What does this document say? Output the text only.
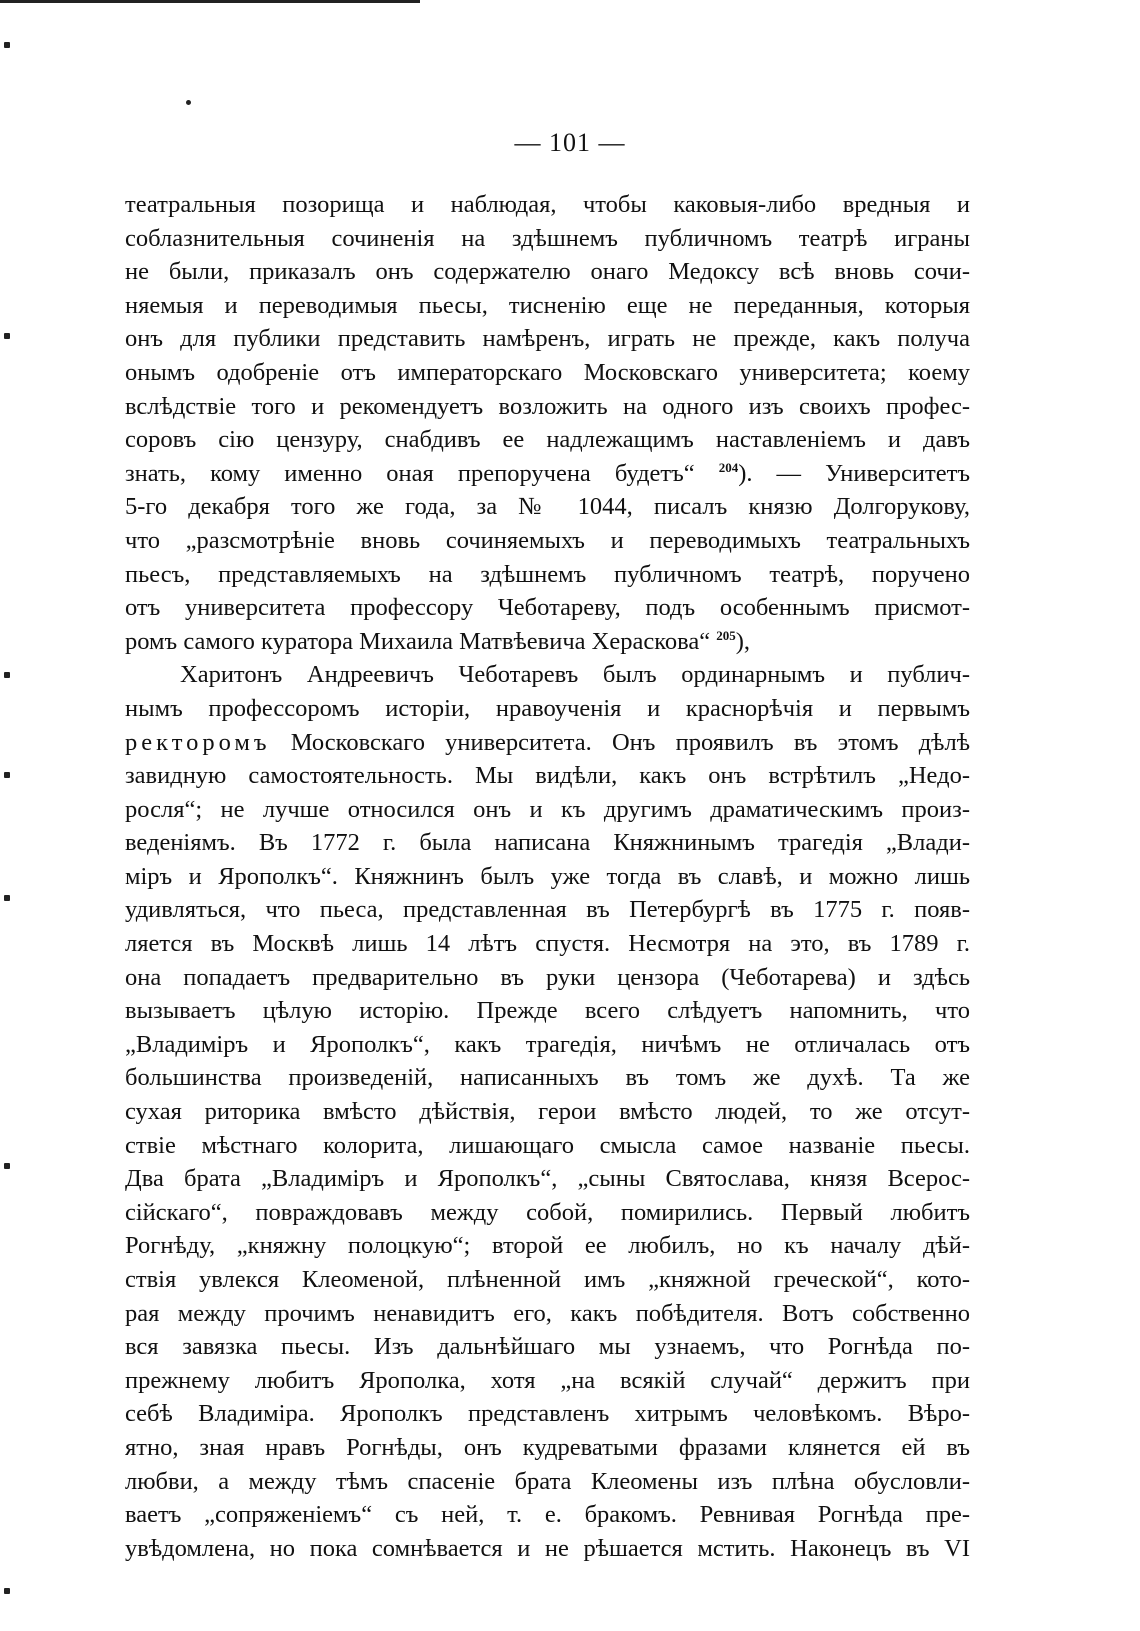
— 101 —
театральныя позорища и наблюдая, чтобы каковыя-либо вредныя и
соблазнительныя сочиненія на здѣшнемъ публичномъ театрѣ играны
не были, приказалъ онъ содержателю онаго Медоксу всѣ вновь сочи-
няемыя и переводимыя пьесы, тисненію еще не переданныя, которыя
онъ для публики представить намѣренъ, играть не прежде, какъ получа
онымъ одобреніе отъ императорскаго Московскаго университета; коему
вслѣдствіе того и рекомендуетъ возложить на одного изъ своихъ профес-
соровъ сію цензуру, снабдивъ ее надлежащимъ наставленіемъ и давъ
знать, кому именно оная препоручена будетъ“ $^{204}$). — Университетъ
5-го декабря того же года, за № 1044, писалъ князю Долгорукову,
что „разсмотрѣніе вновь сочиняемыхъ и переводимыхъ театральныхъ
пьесъ, представляемыхъ на здѣшнемъ публичномъ театрѣ, порученo
отъ университета профессору Чеботареву, подъ особеннымъ присмот-
ромъ самого куратора Михаила Матвѣевича Хераскова“ $^{205}$),
Харитонъ Андреевичъ Чеботаревъ былъ ординарнымъ и публич-
нымъ профессоромъ исторіи, нравоученія и краснорѣчія и первымъ
ректоромъ Московскаго университета. Онъ проявилъ въ этомъ дѣлѣ
завидную самостоятельность. Мы видѣли, какъ онъ встрѣтилъ „Недо-
росля“; не лучше относился онъ и къ другимъ драматическимъ произ-
веденіямъ. Въ 1772 г. была написана Княжнинымъ трагедія „Влади-
міръ и Ярополкъ“. Княжнинъ былъ уже тогда въ славѣ, и можно лишь
удивляться, что пьеса, представленная въ Петербургѣ въ 1775 г. появ-
ляется въ Москвѣ лишь 14 лѣтъ спустя. Несмотря на это, въ 1789 г.
она попадаетъ предварительно въ руки цензора (Чеботарева) и здѣсь
вызываетъ цѣлую исторію. Прежде всего слѣдуетъ напомнить, что
„Владиміръ и Ярополкъ“, какъ трагедія, ничѣмъ не отличалась отъ
большинства произведеній, написанныхъ въ томъ же духѣ. Та же
сухая риторика вмѣсто дѣйствія, герои вмѣсто людей, то же отсут-
ствіе мѣстнаго колорита, лишающаго смысла самое названіе пьесы.
Два брата „Владиміръ и Ярополкъ“, „сыны Святослава, князя Всерос-
сійскаго“, повраждовавъ между собой, помирились. Первый любитъ
Рогнѣду, „княжну полоцкую“; второй ее любилъ, но къ началу дѣй-
ствія увлекся Клеоменой, плѣненной имъ „княжной греческой“, кото-
рая между прочимъ ненавидитъ его, какъ побѣдителя. Вотъ собственно
вся завязка пьесы. Изъ дальнѣйшаго мы узнаемъ, что Рогнѣда по-
прежнему любитъ Ярополка, хотя „на всякій случай“ держитъ при
себѣ Владиміра. Ярополкъ представленъ хитрымъ человѣкомъ. Вѣро-
ятно, зная нравъ Рогнѣды, онъ кудреватыми фразами клянется ей въ
любви, а между тѣмъ спасеніе брата Клеомены изъ плѣна обусловли-
ваетъ „сопряженіемъ“ съ ней, т. е. бракомъ. Ревнивая Рогнѣда пре-
увѣдомлена, но пока сомнѣвается и не рѣшается мстить. Наконецъ въ VI
